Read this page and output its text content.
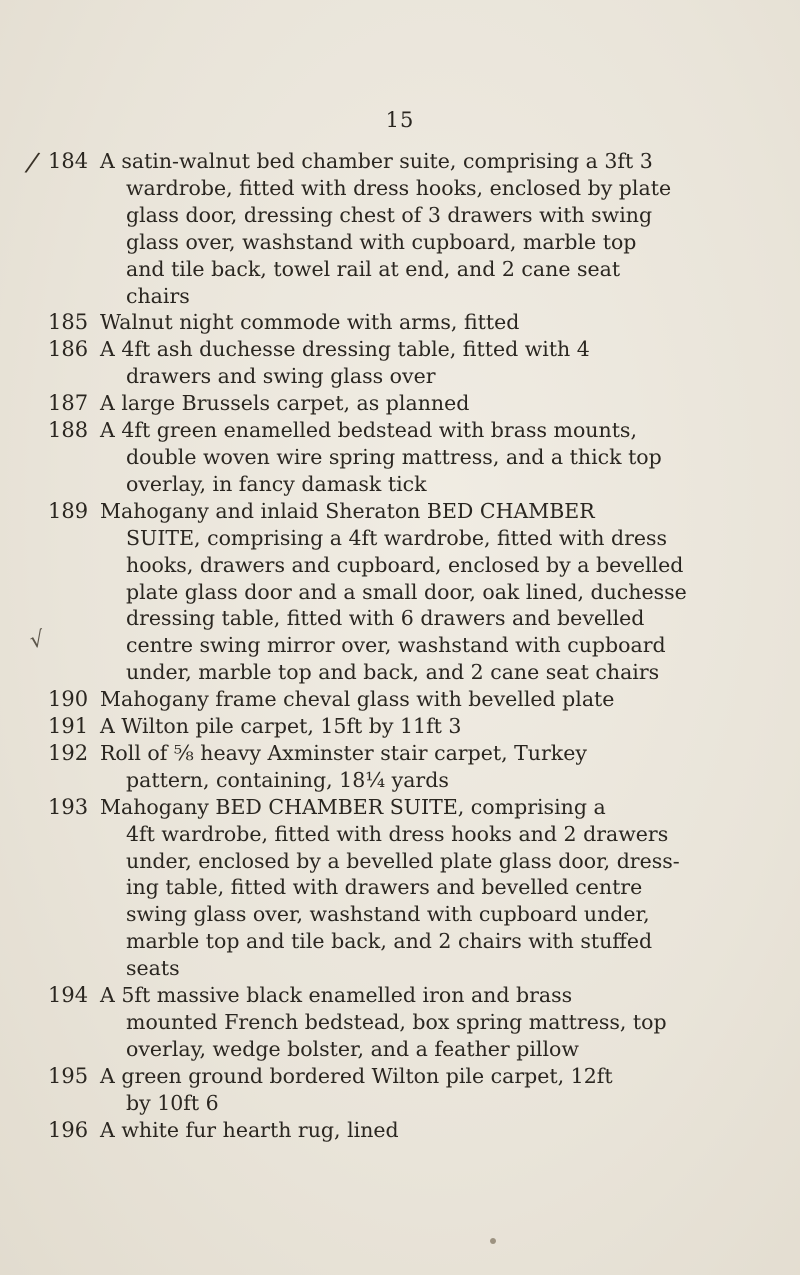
15
/
√
184 A satin-walnut bed chamber suite, comprising a 3ft 3
wardrobe, fitted with dress hooks, enclosed by plate
glass door, dressing chest of 3 drawers with swing
glass over, washstand with cupboard, marble top
and tile back, towel rail at end, and 2 cane seat
chairs
185 Walnut night commode with arms, fitted
186 A 4ft ash duchesse dressing table, fitted with 4
drawers and swing glass over
187 A large Brussels carpet, as planned
188 A 4ft green enamelled bedstead with brass mounts,
double woven wire spring mattress, and a thick top
overlay, in fancy damask tick
189 Mahogany and inlaid Sheraton BED CHAMBER
SUITE, comprising a 4ft wardrobe, fitted with dress
hooks, drawers and cupboard, enclosed by a bevelled
plate glass door and a small door, oak lined, duchesse
dressing table, fitted with 6 drawers and bevelled
centre swing mirror over, washstand with cupboard
under, marble top and back, and 2 cane seat chairs
190 Mahogany frame cheval glass with bevelled plate
191 A Wilton pile carpet, 15ft by 11ft 3
192 Roll of ⅝ heavy Axminster stair carpet, Turkey
pattern, containing, 18¼ yards
193 Mahogany BED CHAMBER SUITE, comprising a
4ft wardrobe, fitted with dress hooks and 2 drawers
under, enclosed by a bevelled plate glass door, dress-
ing table, fitted with drawers and bevelled centre
swing glass over, washstand with cupboard under,
marble top and tile back, and 2 chairs with stuffed
seats
194 A 5ft massive black enamelled iron and brass
mounted French bedstead, box spring mattress, top
overlay, wedge bolster, and a feather pillow
195 A green ground bordered Wilton pile carpet, 12ft
by 10ft 6
196 A white fur hearth rug, lined
